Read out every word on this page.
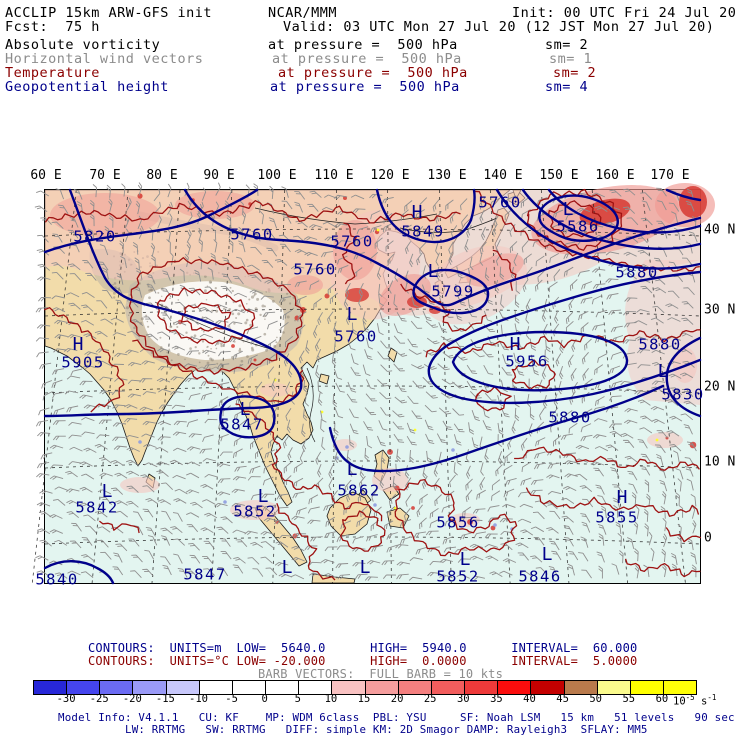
ACCLIP 15km ARW-GFS init	NCAR/MMM	Init: 00 UTC Fri 24 Jul 20
Fcst:  75 h	Valid: 03 UTC Mon 27 Jul 20 (12 JST Mon 27 Jul 20)
Absolute vorticity	at pressure =  500 hPa	sm= 2
Horizontal wind vectors	at pressure =  500 hPa	sm= 1
Temperature	at pressure =  500 hPa	sm= 2
Geopotential height	at pressure =  500 hPa	sm= 4
60 E 70 E 80 E 90 E 100 E 110 E 120 E 130 E 140 E 150 E 160 E 170 E
40 N
30 N
20 N
10 N
0
5820	5760	5760
5760
5760
H
5849
L
5586
L
5799
L
5760
5880
H
5905
H
5956
5880
L
5830
L
5847	5880
L
5842
L
5852
L
5862
5856
H
5855
L
5852
L
5846
L
5847	L
5840
CONTOURS:  UNITS=m  LOW=  5640.0      HIGH=  5940.0      INTERVAL=  60.000
CONTOURS:  UNITS=°C LOW= -20.000      HIGH=  0.0000      INTERVAL=  5.0000
BARB VECTORS:  FULL BARB = 10 kts
-30 -25 -20 -15 -10 -5 0	5 10 15 20 25 30 35 40 45 50 55 60 $10^{-5}$ $s^{-1}$
Model Info: V4.1.1   CU: KF    MP: WDM 6class  PBL: YSU     SF: Noah LSM   15 km   51 levels   90 sec
LW: RRTMG   SW: RRTMG   DIFF: simple KM: 2D Smagor DAMP: Rayleigh3  SFLAY: MM5
